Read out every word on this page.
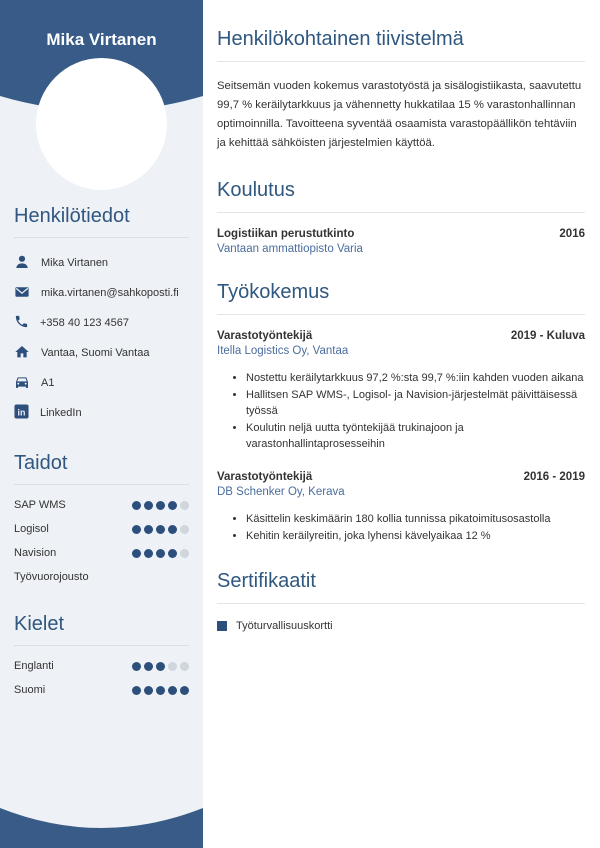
Mika Virtanen
Henkilötiedot
Mika Virtanen
mika.virtanen@sahkoposti.fi
+358 40 123 4567
Vantaa, Suomi Vantaa
A1
in LinkedIn
Taidot
SAP WMS
Logisol
Navision
Työvuorojousto
Kielet
Englanti
Suomi
Henkilökohtainen tiivistelmä

Seitsemän vuoden kokemus varastotyöstä ja sisälogistiikasta, saavutettu 99,7 % keräilytarkkuus ja vähennetty hukkatilaa 15 % varastonhallinnan optimoinnilla. Tavoitteena syventää osaamista varastopäällikön tehtäviin ja kehittää sähköisten järjestelmien käyttöä.

Koulutus
Logistiikan perustutkinto	2016
Vantaan ammattiopisto Varia
Työkokemus
Varastotyöntekijä	2019 - Kuluva
Itella Logistics Oy, Vantaa
• Nostettu keräilytarkkuus 97,2 %:sta 99,7 %:iin kahden vuoden aikana
• Hallitsen SAP WMS-, Logisol- ja Navision-järjestelmät päivittäisessä työssä
• Koulutin neljä uutta työntekijää trukinajoon ja varastonhallintaprosesseihin
Varastotyöntekijä	2016 - 2019
DB Schenker Oy, Kerava
• Käsittelin keskimäärin 180 kollia tunnissa pikatoimitusosastolla
• Kehitin keräilyreitin, joka lyhensi kävelyaikaa 12 %
Sertifikaatit
Työturvallisuuskortti
